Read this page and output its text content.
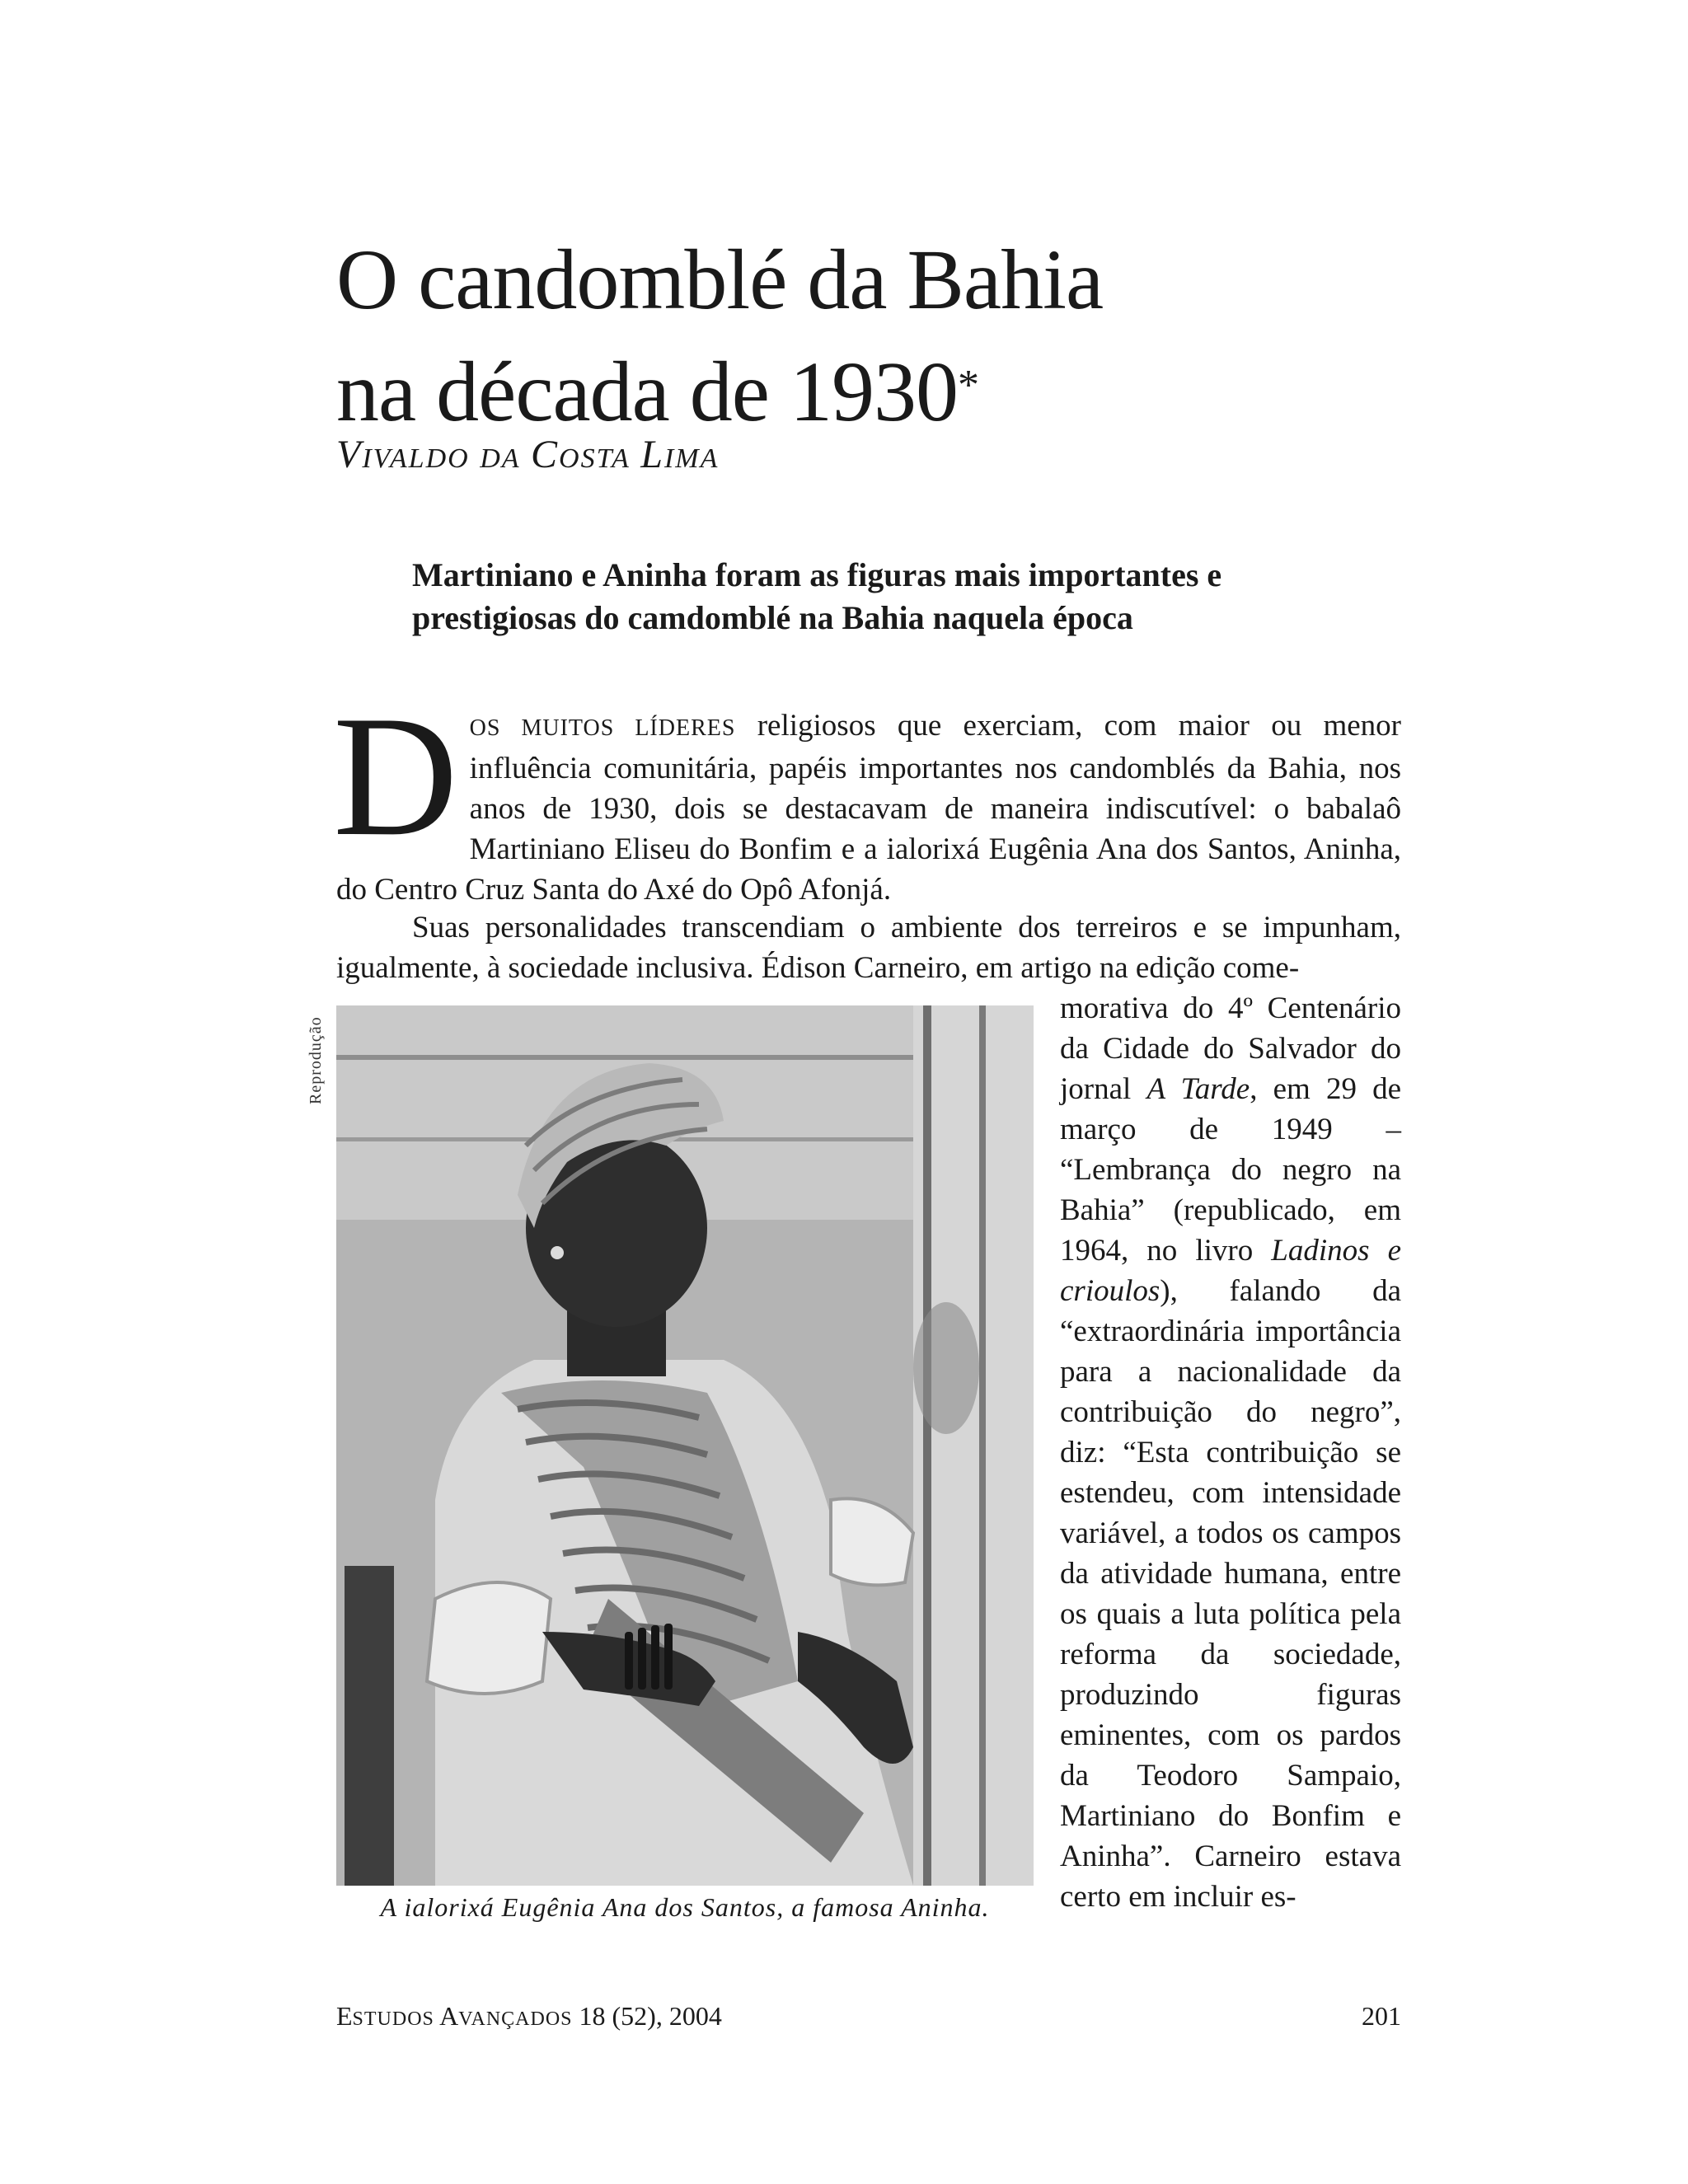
O candomblé da Bahia
na década de 1930*
VIVALDO DA COSTA LIMA
Martiniano e Aninha foram as figuras mais importantes e prestigiosas do camdomblé na Bahia naquela época
DOS MUITOS LÍDERES religiosos que exerciam, com maior ou menor influência comunitária, papéis importantes nos candomblés da Bahia, nos anos de 1930, dois se destacavam de maneira indiscutível: o babalaô Martiniano Eliseu do Bonfim e a ialorixá Eugênia Ana dos Santos, Aninha, do Centro Cruz Santa do Axé do Opô Afonjá.
Suas personalidades transcendiam o ambiente dos terreiros e se impunham, igualmente, à sociedade inclusiva. Édison Carneiro, em artigo na edição come-

morativa do 4º Centenário da Cidade do Salvador do jornal A Tarde, em 29 de março de 1949 – “Lembrança do negro na Bahia” (republicado, em 1964, no livro Ladinos e crioulos), falando da “extraordinária importância para a nacionalidade da contribuição do negro”, diz: “Esta contribuição se estendeu, com intensidade variável, a todos os campos da atividade humana, entre os quais a luta política pela reforma da sociedade, produzindo figuras eminentes, com os pardos da Teodoro Sampaio, Martiniano do Bonfim e Aninha”. Carneiro estava certo em incluir es-

Reprodução
A ialorixá Eugênia Ana dos Santos, a famosa Aninha.
ESTUDOS AVANÇADOS 18 (52), 2004	201
